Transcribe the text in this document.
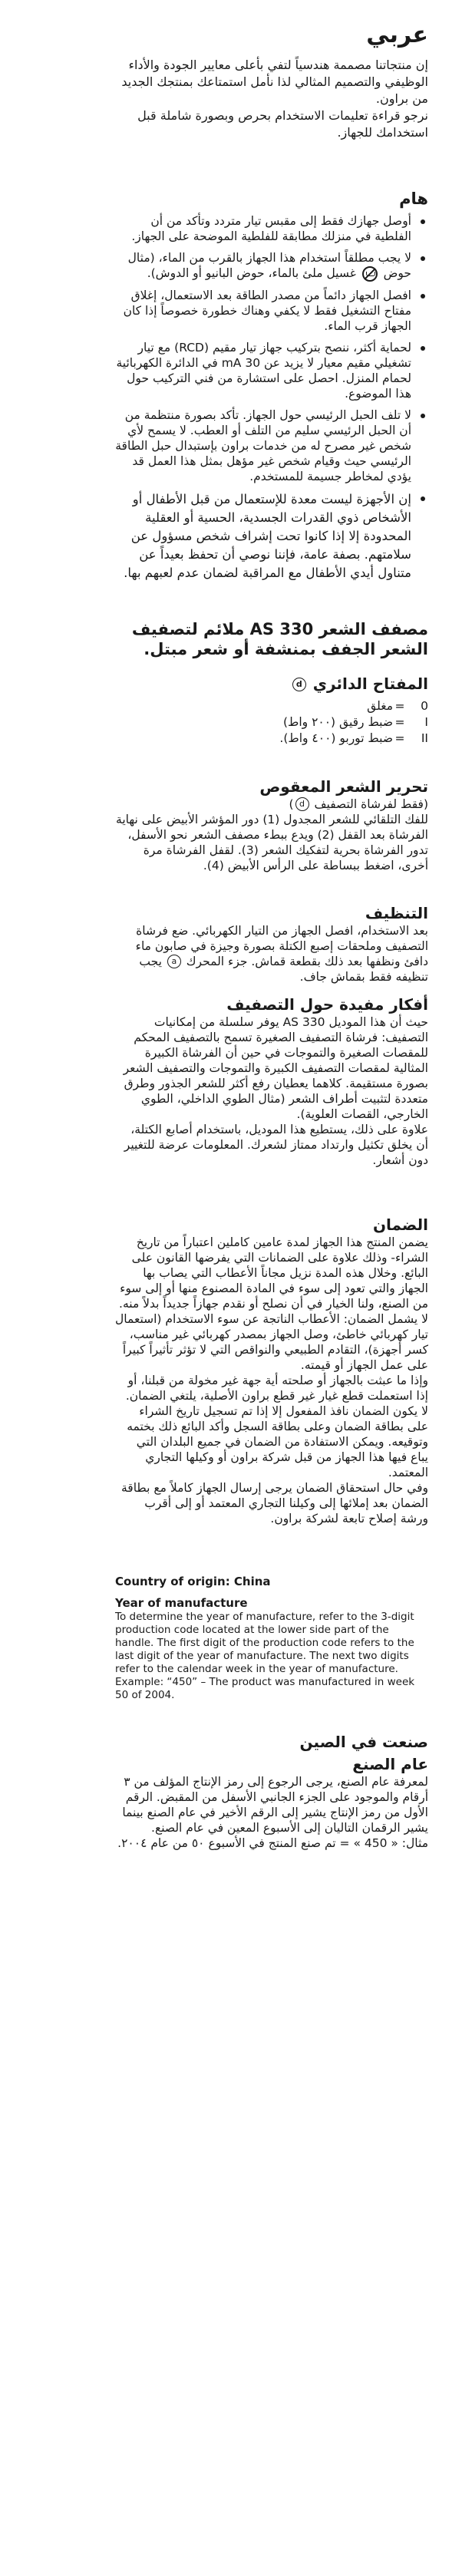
عربي

إن منتجاتنا مصممة هندسياً لتفي بأعلى معايير الجودة والأداء الوظيفي والتصميم المثالي لذا نأمل استمتاعك بمنتجك الجديد من براون.

نرجو قراءة تعليمات الاستخدام بحرص وبصورة شاملة قبل استخدامك للجهاز.

هام
أوصل جهازك فقط إلى مقبس تيار متردد وتأكد من أن الفلطية في منزلك مطابقة للفلطية الموضحة على الجهاز.
لا يجب مطلقاً استخدام هذا الجهاز بالقرب من الماء، (مثال حوض  غسيل ملئ بالماء، حوض البانيو أو الدوش).
افصل الجهاز دائماً من مصدر الطاقة بعد الاستعمال، إغلاق مفتاح التشغيل فقط لا يكفي وهناك خطورة خصوصاً إذا كان الجهاز قرب الماء.
لحماية أكثر، ننصح بتركيب جهاز تيار مقيم (RCD) مع تيار تشغيلي مقيم معيار لا يزيد عن 30 mA في الدائرة الكهربائية لحمام المنزل. احصل على استشارة من فني التركيب حول هذا الموضوع.
لا تلف الحبل الرئيسي حول الجهاز. تأكد بصورة منتظمة من أن الحبل الرئيسي سليم من التلف أو العطب. لا يسمح لأي شخص غير مصرح له من خدمات براون بإستبدال حبل الطاقة الرئيسي حيث وقيام شخص غير مؤهل بمثل هذا العمل قد يؤدي لمخاطر جسيمة للمستخدم.
إن الأجهزة ليست معدة للإستعمال من قبل الأطفال أو الأشخاص ذوي القدرات الجسدية، الحسية أو العقلية المحدودة إلا إذا كانوا تحت إشراف شخص مسؤول عن سلامتهم. بصفة عامة، فإننا نوصي أن تحفظ بعيداً عن متناول أيدي الأطفال مع المراقبة لضمان عدم لعبهم بها.
مصفف الشعر AS 330 ملائم لتصفيف الشعر الجفف بمنشفة أو شعر مبتل.
المفتاح الدائري d
0
=
مغلق
I
=
ضبط رقيق (٢٠٠ واط)
II
=
ضبط توربو (٤٠٠ واط).
تحرير الشعر المعقوص

(فقط لفرشاة التصفيف d)

للفك التلقائي للشعر المجدول (1) دور المؤشر الأبيض على نهاية الفرشاة بعد القفل (2) ويدع ببطء مصفف الشعر نحو الأسفل، تدور الفرشاة بحرية لتفكيك الشعر (3). لقفل الفرشاة مرة أخرى، اضغط ببساطة على الرأس الأبيض (4).

التنظيف

بعد الاستخدام، افصل الجهاز من التيار الكهربائي. ضع فرشاة التصفيف وملحقات إصبع الكتلة بصورة وجيزة في صابون ماء دافئ ونظفها بعد ذلك بقطعة قماش. جزء المحرك a يجب تنظيفه فقط بقماش جاف.

أفكار مفيدة حول التصفيف

حيث أن هذا الموديل AS 330 يوفر سلسلة من إمكانيات التصفيف: فرشاة التصفيف الصغيرة تسمح بالتصفيف المحكم للمقصات الصغيرة والتموجات في حين أن الفرشاة الكبيرة المثالية لمقصات التصفيف الكبيرة والتموجات والتصفيف الشعر بصورة مستقيمة. كلاهما يعطيان رفع أكثر للشعر الجذور وطرق متعددة لتثبيت أطراف الشعر (مثال الطوي الداخلي، الطوي الخارجي، القصات العلوية).

علاوة على ذلك، يستطيع هذا الموديل، باستخدام أصابع الكتلة، أن يخلق تكثيل وارتداد ممتاز لشعرك. المعلومات عرضة للتغيير دون أشعار.

الضمان

يضمن المنتج هذا الجهاز لمدة عامين كاملين اعتباراً من تاريخ الشراء- وذلك علاوة على الضمانات التي يفرضها القانون على البائع. وخلال هذه المدة نزيل مجاناً الأعطاب التي يصاب بها الجهاز والتي تعود إلى سوء في المادة المصنوع منها أو إلى سوء من الصنع، ولنا الخيار في أن نصلح أو نقدم جهازاً جديداً بدلاً منه.

لا يشمل الضمان: الأعطاب الناتجة عن سوء الاستخدام (استعمال تيار كهربائي خاطئ، وصل الجهاز بمصدر كهربائي غير مناسب، كسر أجهزة)، التقادم الطبيعي والنواقص التي لا تؤثر تأثيراً كبيراً على عمل الجهاز أو قيمته.

وإذا ما عبثت بالجهاز أو صلحته أية جهة غير مخولة من قبلنا، أو إذا استعملت قطع غيار غير قطع براون الأصلية، يلتغي الضمان.

لا يكون الضمان نافذ المفعول إلا إذا تم تسجيل تاريخ الشراء على بطاقة الضمان وعلى بطاقة السجل وأكد البائع ذلك بختمه وتوقيعه. ويمكن الاستفادة من الضمان في جميع البلدان التي يباع فيها هذا الجهاز من قبل شركة براون أو وكيلها التجاري المعتمد.

وفي حال استحقاق الضمان يرجى إرسال الجهاز كاملاً مع بطاقة الضمان بعد إملائها إلى وكيلنا التجاري المعتمد أو إلى أقرب ورشة إصلاح تابعة لشركة براون.

Country of origin: China
Year of manufacture
To determine the year of manufacture, refer to the 3-digit production code located at the lower side part of the handle. The first digit of the production code refers to the last digit of the year of manufacture. The next two digits refer to the calendar week in the year of manufacture.
Example: “450” – The product was manufactured in week 50 of 2004.
صنعت في الصين
عام الصنع

لمعرفة عام الصنع، يرجى الرجوع إلى رمز الإنتاج المؤلف من ٣ أرقام والموجود على الجزء الجانبي الأسفل من المقبض. الرقم الأول من رمز الإنتاج يشير إلى الرقم الأخير في عام الصنع بينما يشير الرقمان التاليان إلى الأسبوع المعين في عام الصنع.

مثال: « 450 » = تم صنع المنتج في الأسبوع ٥٠ من عام ٢٠٠٤.
